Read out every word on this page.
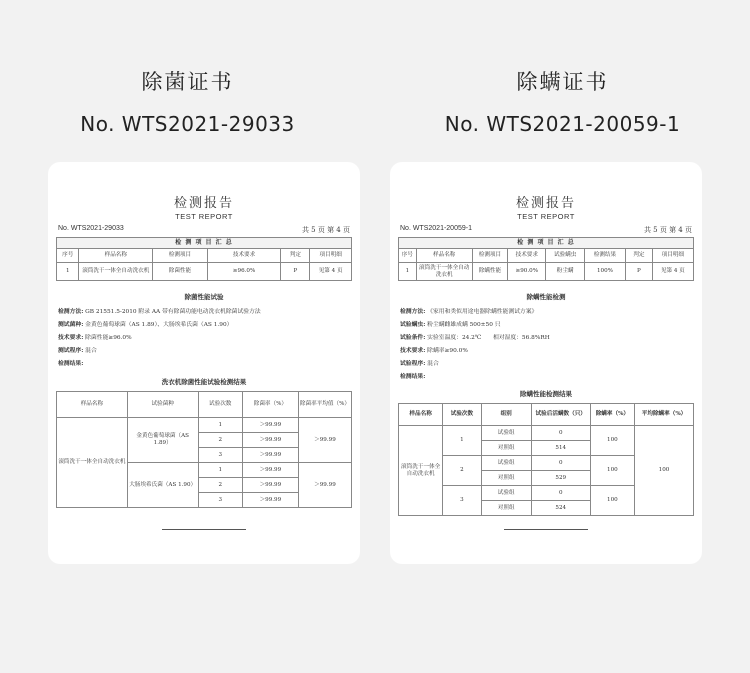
除菌证书
No. WTS2021-29033
除螨证书
No. WTS2021-20059-1
检测报告
TEST REPORT
No. WTS2021-29033	共 5 页 第 4 页
检 测 项 目 汇 总					
序号	样品名称	检测项目	技术要求	判定	项目明细
1	滚筒洗干一体全自动洗衣机	除菌性能	≥96.0%	P	见第 4 页
除菌性能试验
检测方法: GB 21551.5-2010 附录 AA 带有除菌功能电动洗衣机除菌试验方法
测试菌种: 金黄色葡萄球菌（AS 1.89）、大肠埃希氏菌（AS 1.90）
技术要求: 除菌性能≥96.0%
测试程序: 混合
检测结果:
洗衣机除菌性能试验检测结果
样品名称	试验菌种	试验次数	除菌率（%）	除菌率平均值（%）
滚筒洗干一体全自动洗衣机	金黄色葡萄球菌（AS 1.89）	1	＞99.99	＞99.99
		2	＞99.99	
		3	＞99.99	
	大肠埃希氏菌（AS 1.90）	1	＞99.99	＞99.99
		2	＞99.99	
		3	＞99.99	
检测报告
TEST REPORT
No. WTS2021-20059-1	共 5 页 第 4 页
检 测 项 目 汇 总							
序号	样品名称	检测项目	技术要求	试验螨虫	检测结果	判定	项目明细
1	滚筒洗干一体全自动洗衣机	除螨性能	≥90.0%	粉尘螨	100%	P	见第 4 页
除螨性能检测
检测方法: 《家用和类似用途电器除螨性能测试方案》
试验螨虫: 粉尘螨雌雄成螨 500±50 只
试验条件: 实验室温度：24.2℃　　相对湿度：56.8%RH
技术要求: 除螨率≥90.0%
试验程序: 混合
检测结果:
除螨性能检测结果
样品名称	试验次数	组别	试验后活螨数（只）	除螨率（%）	平均除螨率（%）
滚筒洗干一体全自动洗衣机	1	试验组	0	100	100
		对照组	514		
	2	试验组	0	100	
		对照组	529		
	3	试验组	0	100	
		对照组	524		
